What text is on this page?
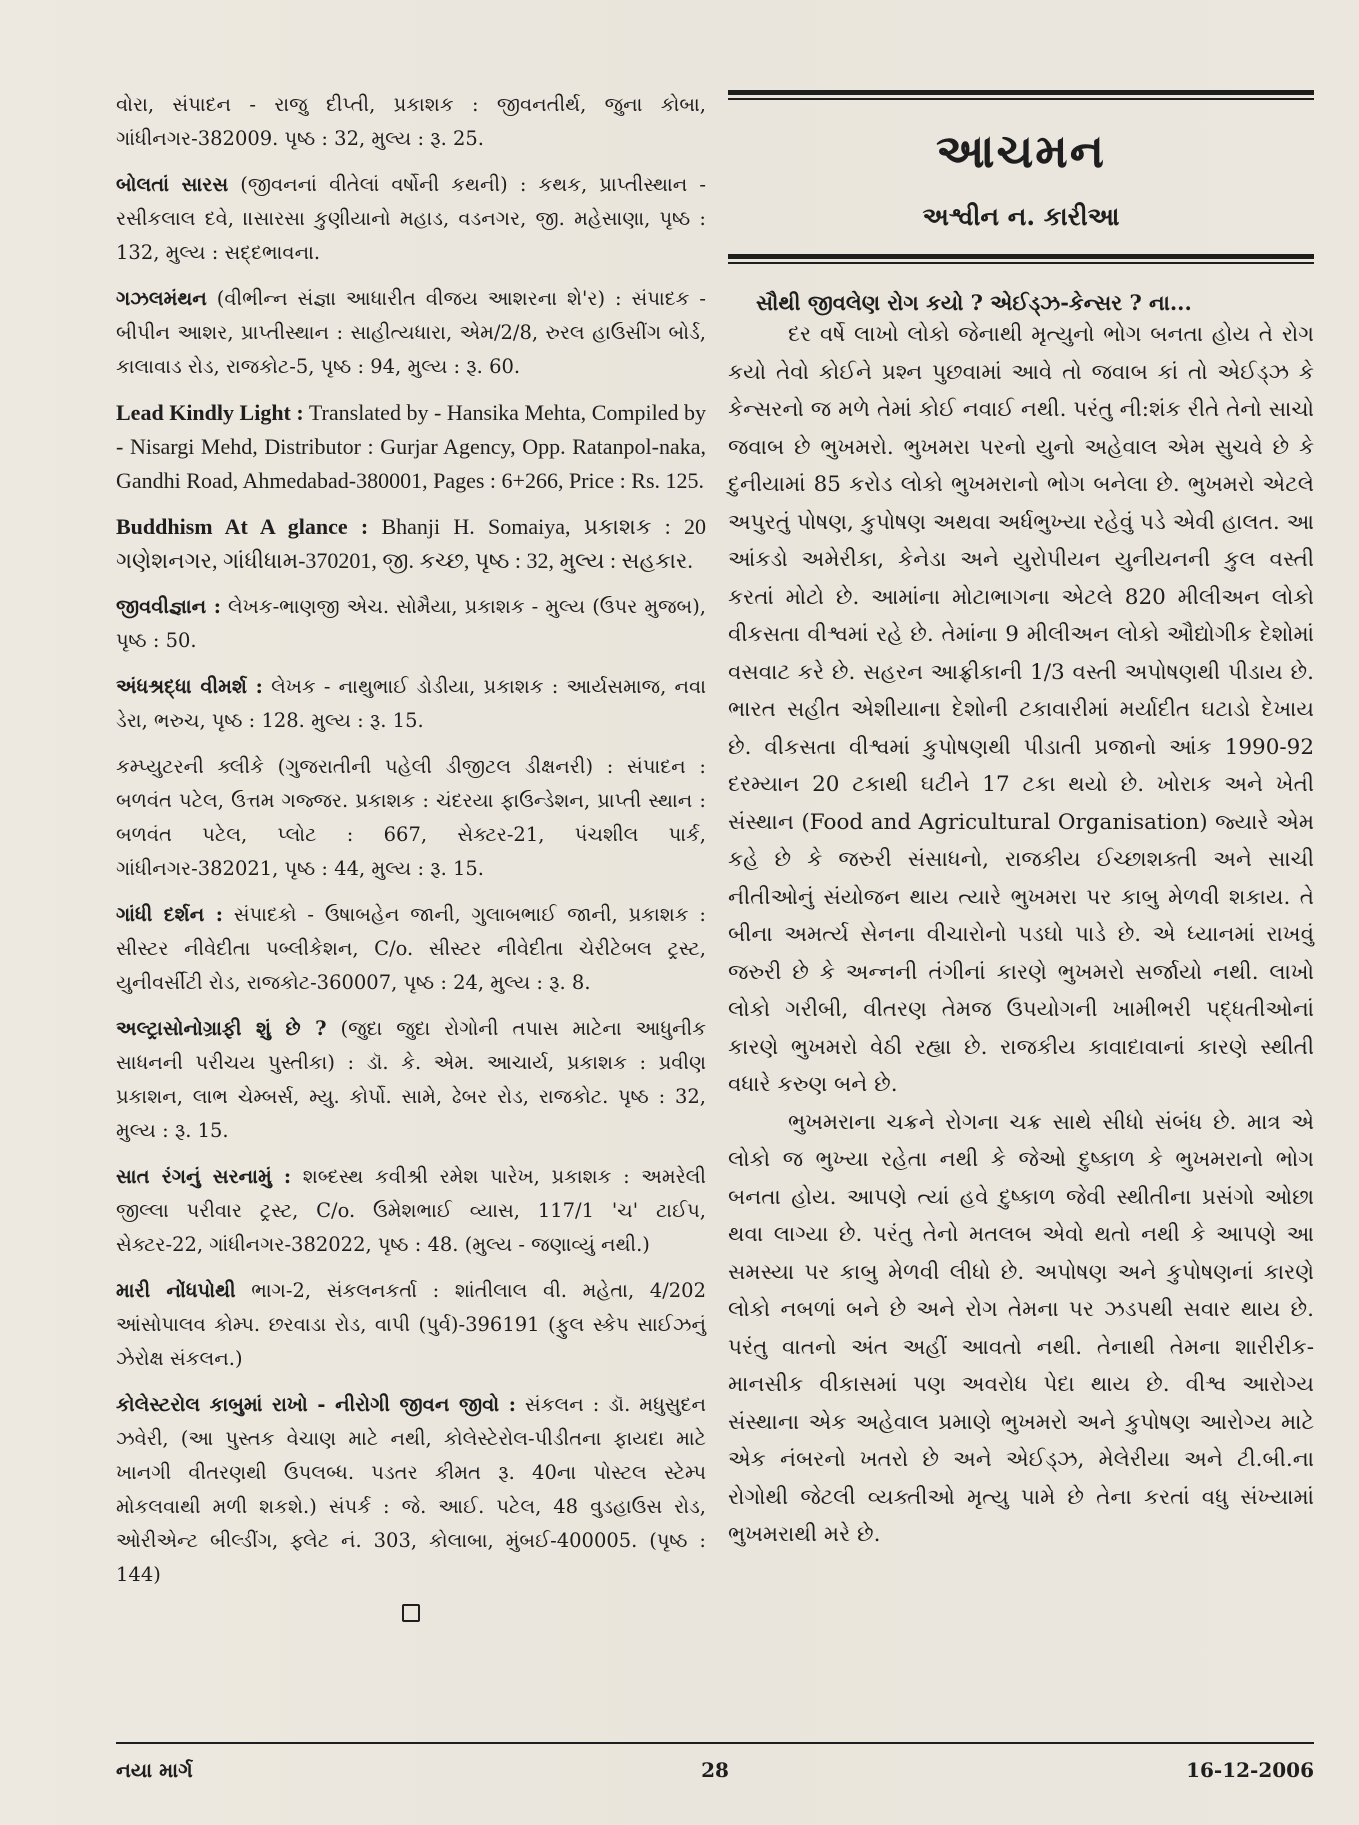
વોરા, સંપાદન - રાજુ દીપ્તી, પ્રકાશક : જીવનતીર્થ, જુના કોબા, ગાંધીનગર-382009. પૃષ્ઠ : 32, મુલ્ય : રૂ. 25.

બોલતાં સારસ (જીવનનાં વીતેલાં વર્ષોની કથની) : કથક, પ્રાપ્તીસ્થાન - રસીકલાલ દવે, ।।સારસા કુણીયાનો મહાડ, વડનગર, જી. મહેસાણા, પૃષ્ઠ : 132, મુલ્ય : સદ્દભાવના.

ગઝલમંથન (વીભીન્ન સંજ્ઞા આધારીત વીજય આશરના શે'ર) : સંપાદક - બીપીન આશર, પ્રાપ્તીસ્થાન : સાહીત્યધારા, એમ/2/8, રુરલ હાઉસીંગ બોર્ડ, કાલાવાડ રોડ, રાજકોટ-5, પૃષ્ઠ : 94, મુલ્ય : રૂ. 60.

Lead Kindly Light : Translated by - Hansika Mehta, Compiled by - Nisargi Mehd, Distributor : Gurjar Agency, Opp. Ratanpol-naka, Gandhi Road, Ahmedabad-380001, Pages : 6+266, Price : Rs. 125.

Buddhism At A glance : Bhanji H. Somaiya, પ્રકાશક : 20 ગણેશનગર, ગાંધીધામ-370201, જી. કચ્છ, પૃષ્ઠ : 32, મુલ્ય : સહકાર.

જીવવીજ્ઞાન : લેખક-ભાણજી એચ. સોમૈયા, પ્રકાશક - મુલ્ય (ઉપર મુજબ), પૃષ્ઠ : 50.

અંધશ્રદ્ધા વીમર્શ : લેખક - નાથુભાઈ ડોડીયા, પ્રકાશક : આર્યસમાજ, નવા ડેરા, ભરુચ, પૃષ્ઠ : 128. મુલ્ય : રૂ. 15.

કમ્પ્યુટરની ક્લીકે (ગુજરાતીની પહેલી ડીજીટલ ડીક્ષનરી) : સંપાદન : બળવંત પટેલ, ઉત્તમ ગજ્જર. પ્રકાશક : ચંદરયા ફાઉન્ડેશન, પ્રાપ્તી સ્થાન : બળવંત પટેલ, પ્લોટ : 667, સેક્ટર-21, પંચશીલ પાર્ક, ગાંધીનગર-382021, પૃષ્ઠ : 44, મુલ્ય : રૂ. 15.

ગાંધી દર્શન : સંપાદકો - ઉષાબહેન જાની, ગુલાબભાઈ જાની, પ્રકાશક : સીસ્ટર નીવેદીતા પબ્લીકેશન, C/o. સીસ્ટર નીવેદીતા ચેરીટેબલ ટ્રસ્ટ, યુનીવર્સીટી રોડ, રાજકોટ-360007, પૃષ્ઠ : 24, મુલ્ય : રૂ. 8.

અલ્ટ્રાસોનોગ્રાફી શું છે ? (જુદા જુદા રોગોની તપાસ માટેના આધુનીક સાધનની પરીચય પુસ્તીકા) : ડૉ. કે. એમ. આચાર્ય, પ્રકાશક : પ્રવીણ પ્રકાશન, લાભ ચેમ્બર્સ, મ્યુ. કોર્પો. સામે, ઢેબર રોડ, રાજકોટ. પૃષ્ઠ : 32, મુલ્ય : રૂ. 15.

સાત રંગનું સરનામું : શબ્દસ્થ કવીશ્રી રમેશ પારેખ, પ્રકાશક : અમરેલી જીલ્લા પરીવાર ટ્રસ્ટ, C/o. ઉમેશભાઈ વ્યાસ, 117/1 'ચ' ટાઈપ, સેક્ટર-22, ગાંધીનગર-382022, પૃષ્ઠ : 48. (મુલ્ય - જણાવ્યું નથી.)

મારી નોંધપોથી ભાગ-2, સંકલનકર્તા : શાંતીલાલ વી. મહેતા, 4/202 આંસોપાલવ કોમ્પ. છરવાડા રોડ, વાપી (પુર્વ)-396191 (ફુલ સ્કેપ સાઈઝનું ઝેરોક્ષ સંકલન.)

કોલેસ્ટરોલ કાબુમાં રાખો - નીરોગી જીવન જીવો : સંકલન : ડૉ. મધુસુદન ઝવેરી, (આ પુસ્તક વેચાણ માટે નથી, કોલેસ્ટેરોલ-પીડીતના ફાયદા માટે ખાનગી વીતરણથી ઉપલબ્ધ. પડતર કીમત રૂ. 40ના પોસ્ટલ સ્ટેમ્પ મોકલવાથી મળી શકશે.) સંપર્ક : જે. આઈ. પટેલ, 48 વુડહાઉસ રોડ, ઓરીએન્ટ બીલ્ડીંગ, ફ્લેટ નં. 303, કોલાબા, મુંબઈ-400005. (પૃષ્ઠ : 144)

આચમન
અશ્વીન ન. કારીઆ

સૌથી જીવલેણ રોગ કયો ? એઈડ્ઝ-કેન્સર ? ના...

દર વર્ષે લાખો લોકો જેનાથી મૃત્યુનો ભોગ બનતા હોય તે રોગ કયો તેવો કોઈને પ્રશ્ન પુછવામાં આવે તો જવાબ કાં તો એઈડ્ઝ કે કેન્સરનો જ મળે તેમાં કોઈ નવાઈ નથી. પરંતુ ની:શંક રીતે તેનો સાચો જવાબ છે ભુખમરો. ભુખમરા પરનો યુનો અહેવાલ એમ સુચવે છે કે દુનીયામાં 85 કરોડ લોકો ભુખમરાનો ભોગ બનેલા છે. ભુખમરો એટલે અપુરતું પોષણ, કુપોષણ અથવા અર્ધભુખ્યા રહેવું પડે એવી હાલત. આ આંકડો અમેરીકા, કેનેડા અને યુરોપીયન યુનીયનની કુલ વસ્તી કરતાં મોટો છે. આમાંના મોટાભાગના એટલે 820 મીલીઅન લોકો વીકસતા વીશ્વમાં રહે છે. તેમાંના 9 મીલીઅન લોકો ઔદ્યોગીક દેશોમાં વસવાટ કરે છે. સહરન આફ્રીકાની 1/3 વસ્તી અપોષણથી પીડાય છે. ભારત સહીત એશીયાના દેશોની ટકાવારીમાં મર્યાદીત ઘટાડો દેખાય છે. વીકસતા વીશ્વમાં કુપોષણથી પીડાતી પ્રજાનો આંક 1990-92 દરમ્યાન 20 ટકાથી ઘટીને 17 ટકા થયો છે. ખોરાક અને ખેતી સંસ્થાન (Food and Agricultural Organisation) જ્યારે એમ કહે છે કે જરુરી સંસાધનો, રાજકીય ઈચ્છાશક્તી અને સાચી નીતીઓનું સંયોજન થાય ત્યારે ભુખમરા પર કાબુ મેળવી શકાય. તે બીના અમર્ત્ય સેનના વીચારોનો પડઘો પાડે છે. એ ધ્યાનમાં રાખવું જરુરી છે કે અન્નની તંગીનાં કારણે ભુખમરો સર્જાયો નથી. લાખો લોકો ગરીબી, વીતરણ તેમજ ઉપયોગની ખામીભરી પદ્ધતીઓનાં કારણે ભુખમરો વેઠી રહ્યા છે. રાજકીય કાવાદાવાનાં કારણે સ્થીતી વધારે કરુણ બને છે.

ભુખમરાના ચક્રને રોગના ચક્ર સાથે સીધો સંબંધ છે. માત્ર એ લોકો જ ભુખ્યા રહેતા નથી કે જેઓ દુષ્કાળ કે ભુખમરાનો ભોગ બનતા હોય. આપણે ત્યાં હવે દુષ્કાળ જેવી સ્થીતીના પ્રસંગો ઓછા થવા લાગ્યા છે. પરંતુ તેનો મતલબ એવો થતો નથી કે આપણે આ સમસ્યા પર કાબુ મેળવી લીધો છે. અપોષણ અને કુપોષણનાં કારણે લોકો નબળાં બને છે અને રોગ તેમના પર ઝડપથી સવાર થાય છે. પરંતુ વાતનો અંત અહીં આવતો નથી. તેનાથી તેમના શારીરીક-માનસીક વીકાસમાં પણ અવરોધ પેદા થાય છે. વીશ્વ આરોગ્ય સંસ્થાના એક અહેવાલ પ્રમાણે ભુખમરો અને કુપોષણ આરોગ્ય માટે એક નંબરનો ખતરો છે અને એઈડ્ઝ, મેલેરીયા અને ટી.બી.ના રોગોથી જેટલી વ્યક્તીઓ મૃત્યુ પામે છે તેના કરતાં વધુ સંખ્યામાં ભુખમરાથી મરે છે.

નયા માર્ગ	28	16-12-2006
